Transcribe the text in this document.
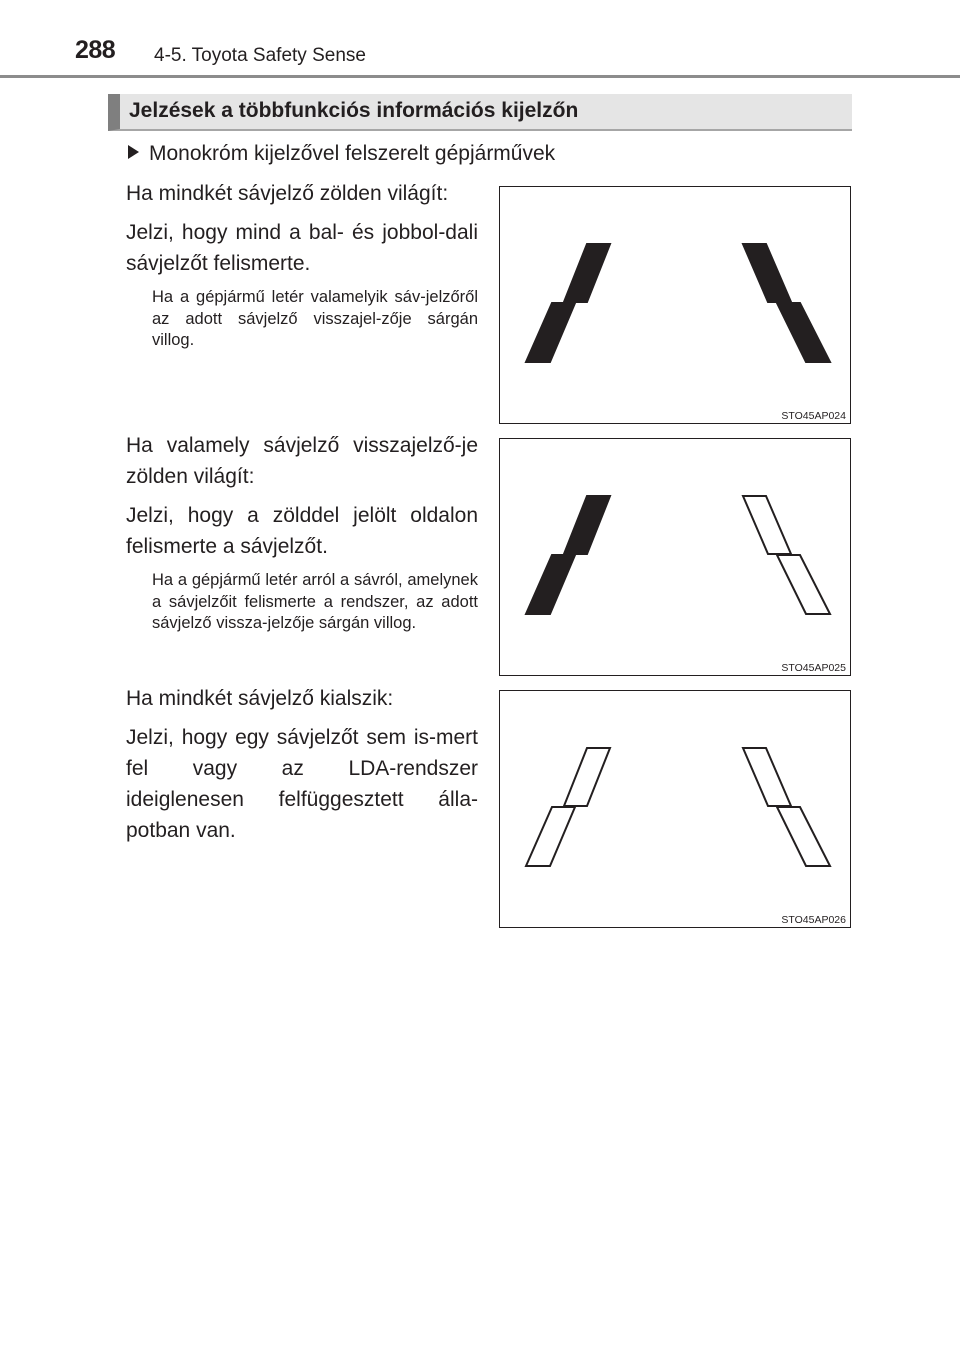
288 4-5. Toyota Safety Sense
Jelzések a többfunkciós információs kijelzőn
Monokróm kijelzővel felszerelt gépjárművek

Ha mindkét sávjelző zölden világít:

Jelzi, hogy mind a bal- és jobbol-dali sávjelzőt felismerte.

Ha a gépjármű letér valamelyik sáv-jelzőről az adott sávjelző visszajel-zője sárgán villog.

Ha valamely sávjelző visszajelző-je zölden világít:

Jelzi, hogy a zölddel jelölt oldalon felismerte a sávjelzőt.

Ha a gépjármű letér arról a sávról, amelynek a sávjelzőit felismerte a rendszer, az adott sávjelző vissza-jelzője sárgán villog.

Ha mindkét sávjelző kialszik:

Jelzi, hogy egy sávjelzőt sem is-mert fel vagy az LDA-rendszer ideiglenesen felfüggesztett álla-potban van.

STO45AP024
STO45AP025
STO45AP026
